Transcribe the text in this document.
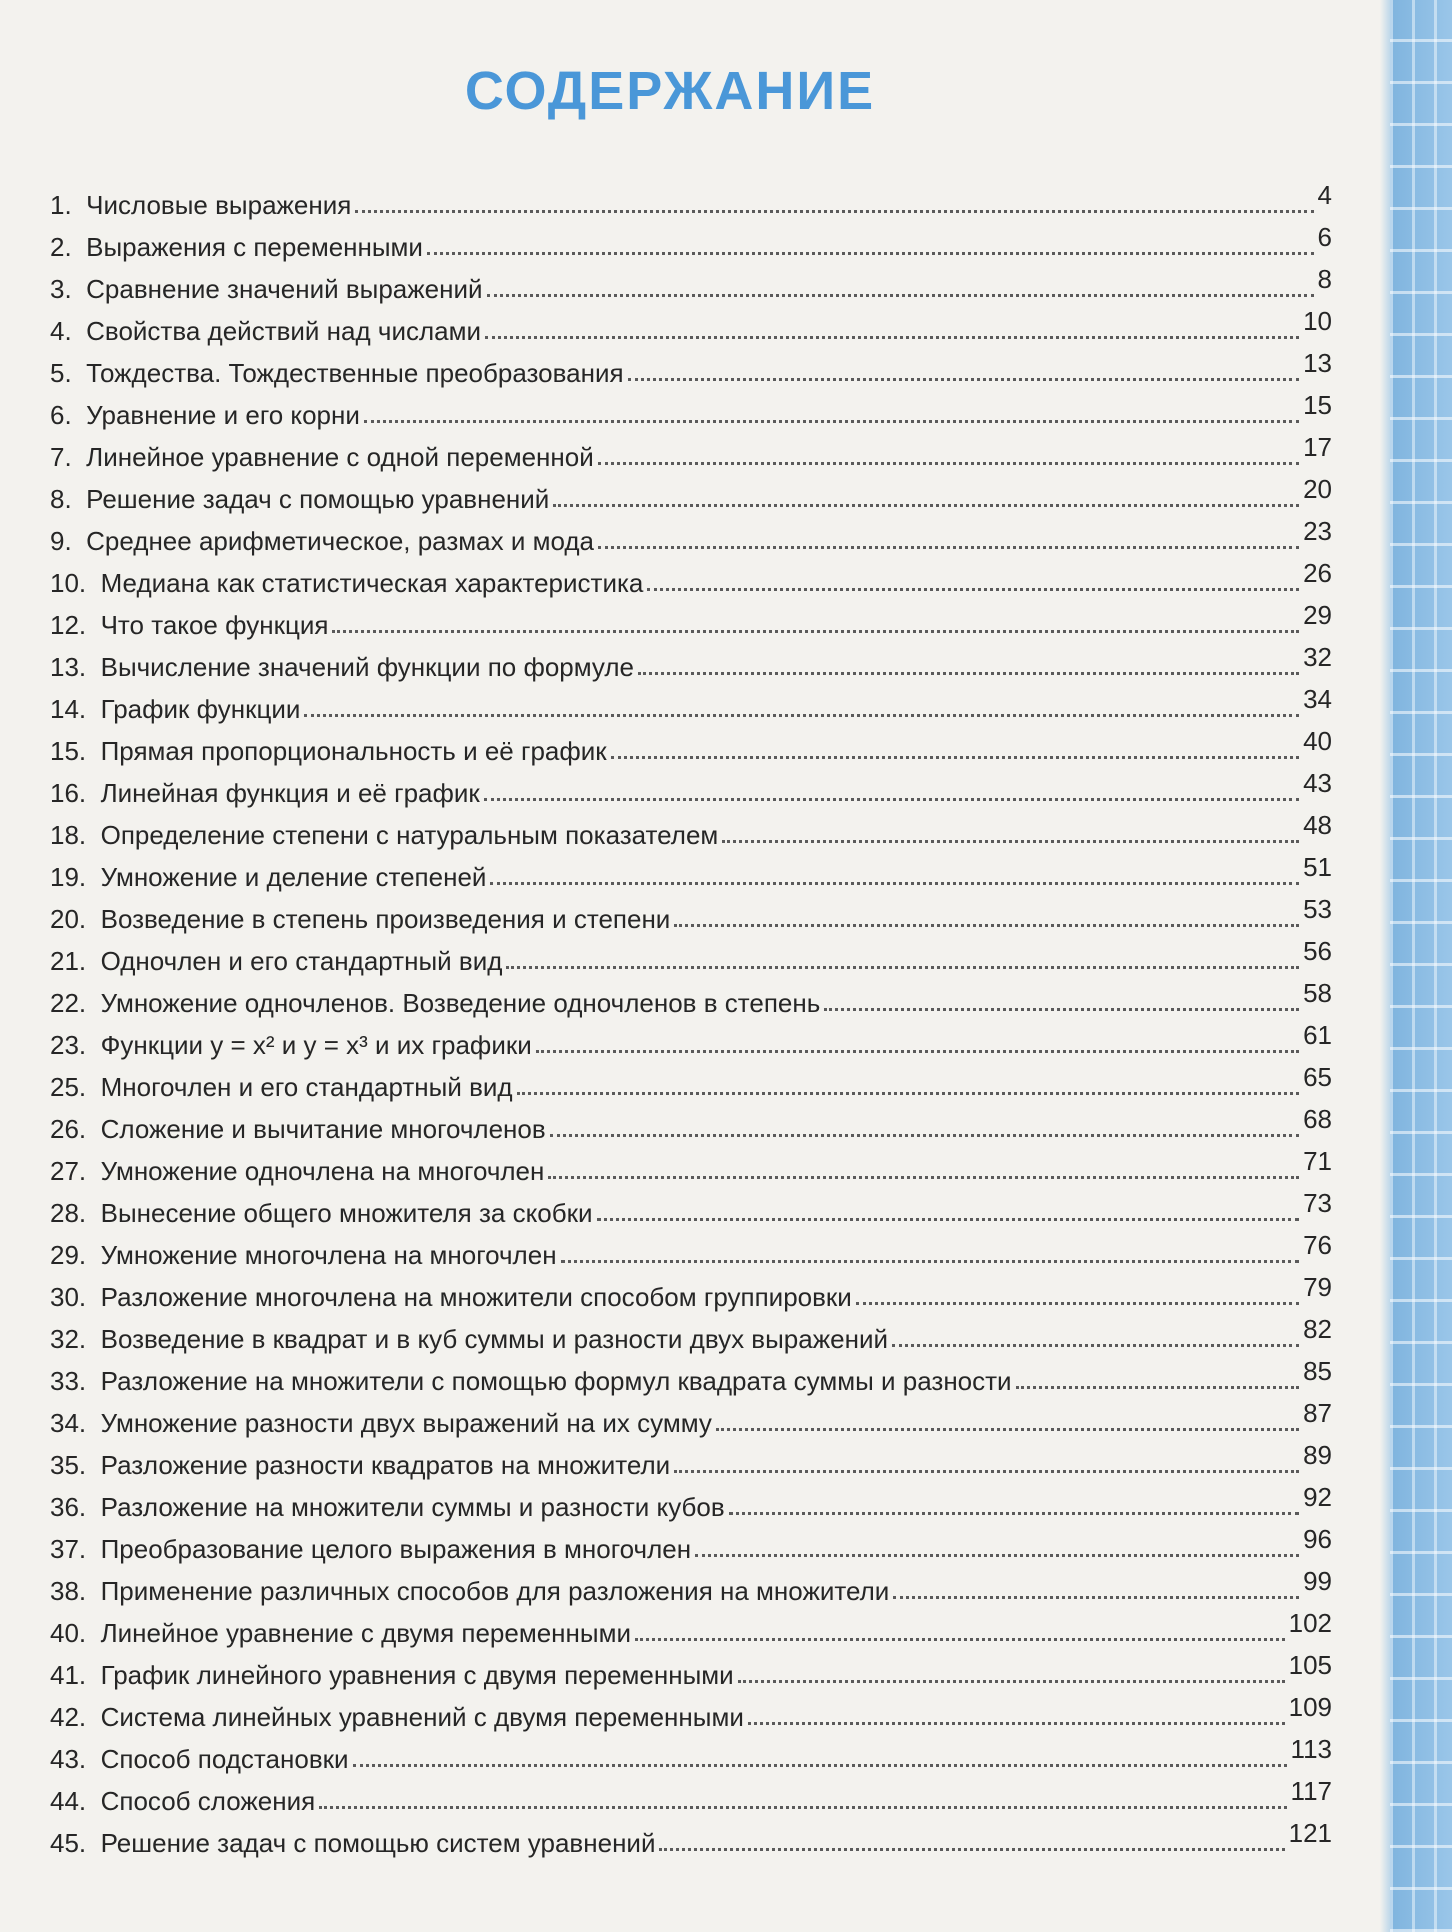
СОДЕРЖАНИЕ
1. Числовые выражения	4
2. Выражения с переменными	6
3. Сравнение значений выражений	8
4. Свойства действий над числами	10
5. Тождества. Тождественные преобразования	13
6. Уравнение и его корни	15
7. Линейное уравнение с одной переменной	17
8. Решение задач с помощью уравнений	20
9. Среднее арифметическое, размах и мода	23
10. Медиана как статистическая характеристика	26
12. Что такое функция	29
13. Вычисление значений функции по формуле	32
14. График функции	34
15. Прямая пропорциональность и её график	40
16. Линейная функция и её график	43
18. Определение степени с натуральным показателем	48
19. Умножение и деление степеней	51
20. Возведение в степень произведения и степени	53
21. Одночлен и его стандартный вид	56
22. Умножение одночленов. Возведение одночленов в степень	58
23. Функции y = x² и y = x³ и их графики	61
25. Многочлен и его стандартный вид	65
26. Сложение и вычитание многочленов	68
27. Умножение одночлена на многочлен	71
28. Вынесение общего множителя за скобки	73
29. Умножение многочлена на многочлен	76
30. Разложение многочлена на множители способом группировки	79
32. Возведение в квадрат и в куб суммы и разности двух выражений	82
33. Разложение на множители с помощью формул квадрата суммы и разности	85
34. Умножение разности двух выражений на их сумму	87
35. Разложение разности квадратов на множители	89
36. Разложение на множители суммы и разности кубов	92
37. Преобразование целого выражения в многочлен	96
38. Применение различных способов для разложения на множители	99
40. Линейное уравнение с двумя переменными	102
41. График линейного уравнения с двумя переменными	105
42. Система линейных уравнений с двумя переменными	109
43. Способ подстановки	113
44. Способ сложения	117
45. Решение задач с помощью систем уравнений	121
